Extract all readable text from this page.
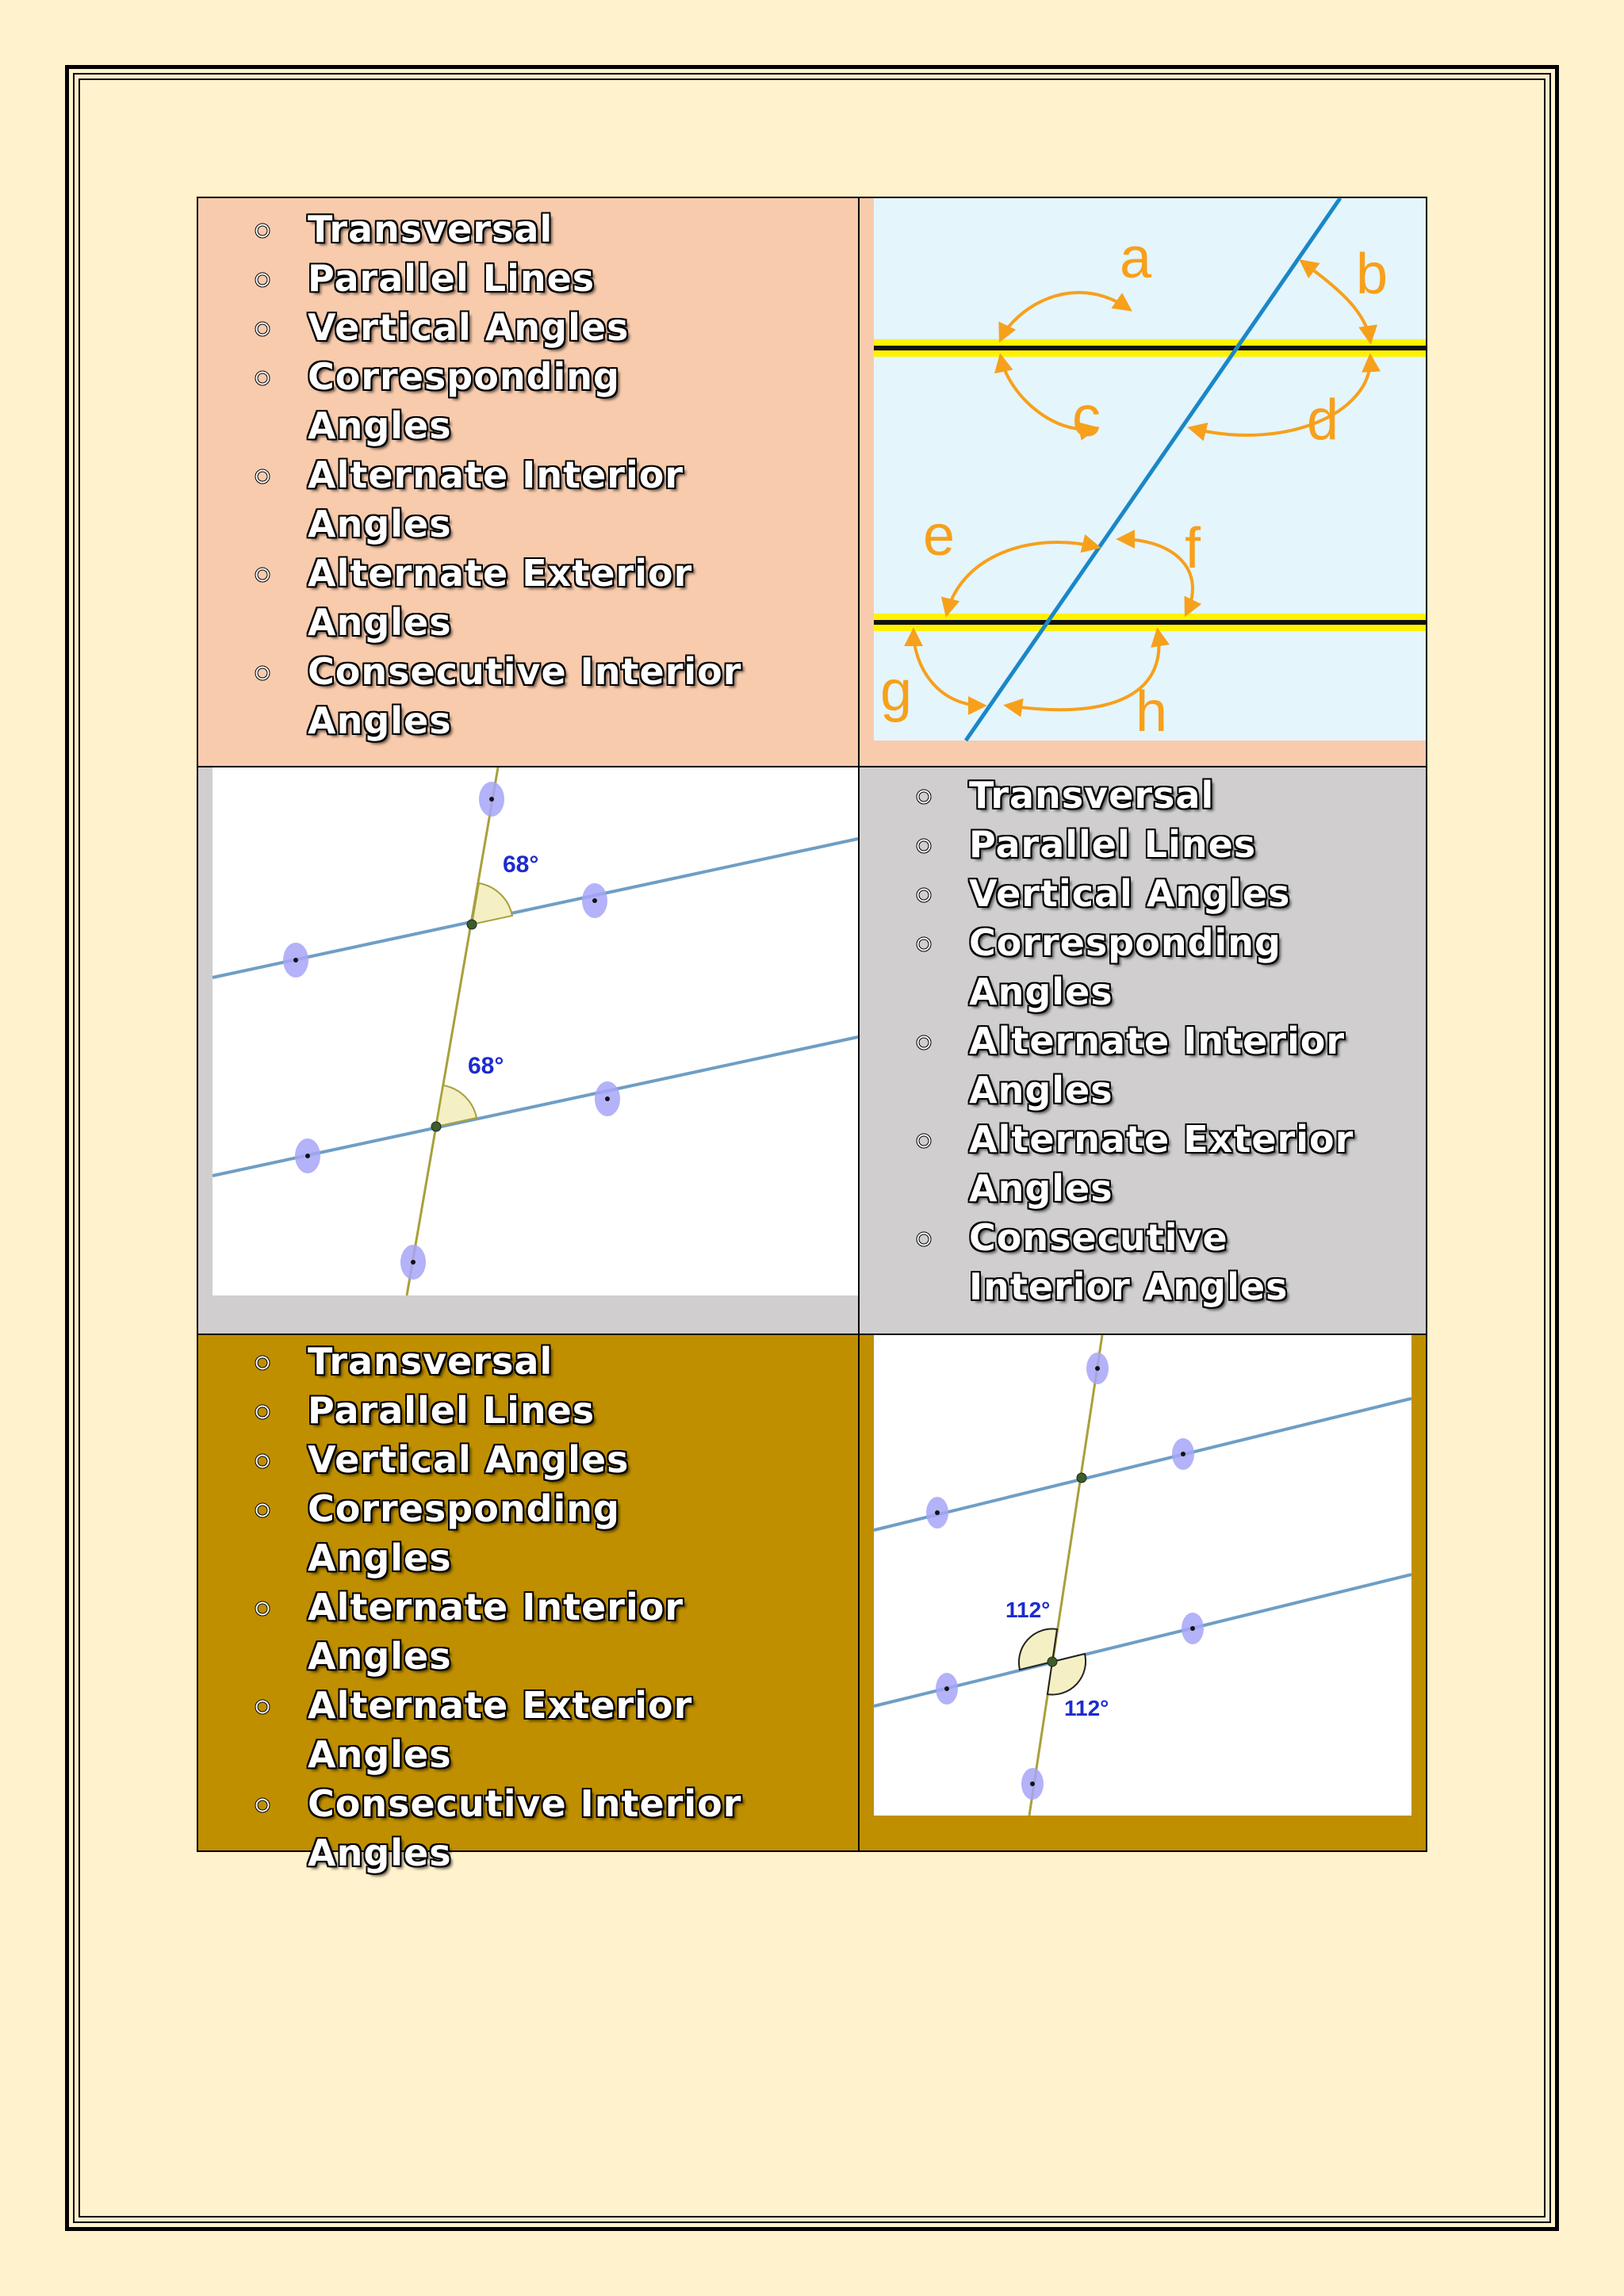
Transversal
Parallel Lines
Vertical Angles
Corresponding Angles
Alternate Interior Angles
Alternate Exterior Angles
Consecutive Interior Angles
a	b
c	d
e	f
g	h
68°
68°
Transversal
Parallel Lines
Vertical Angles
Corresponding Angles
Alternate Interior Angles
Alternate Exterior Angles
Consecutive Interior Angles
Transversal
Parallel Lines
Vertical Angles
Corresponding Angles
Alternate Interior Angles
Alternate Exterior Angles
Consecutive Interior Angles
112°
112°
